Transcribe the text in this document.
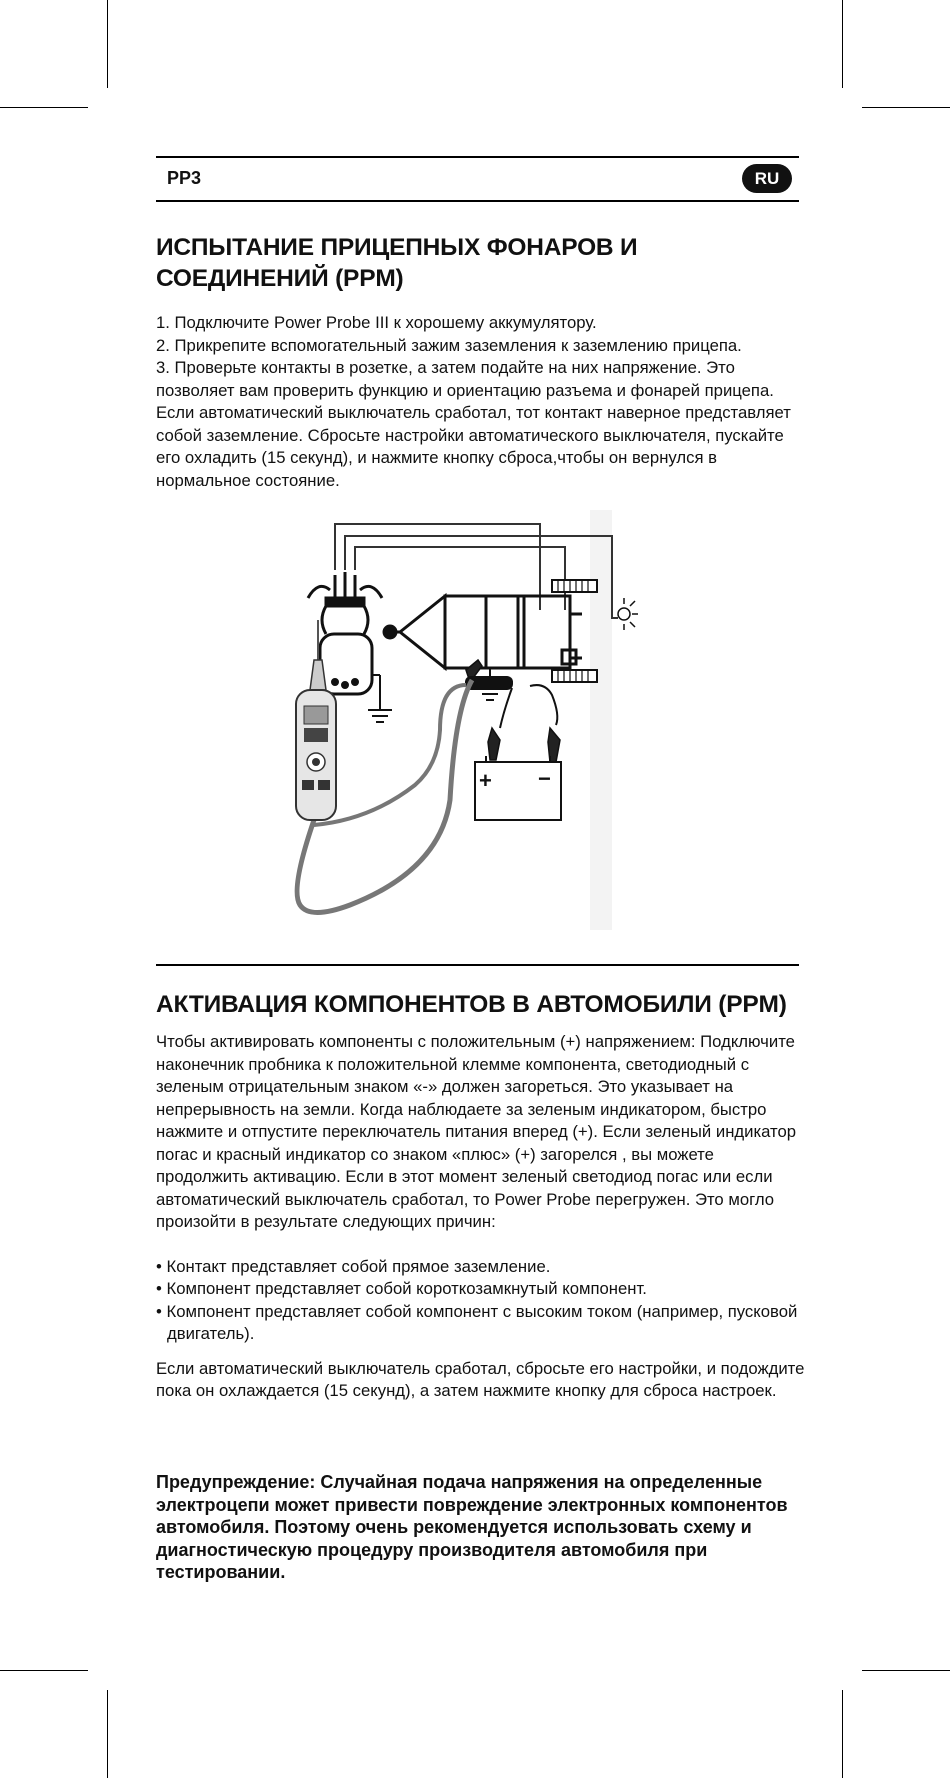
PP3	RU
ИСПЫТАНИЕ ПРИЦЕПНЫХ ФОНАРОВ И
СОЕДИНЕНИЙ (PPM)

1. Подключите Power Probe III к хорошему аккумулятору.

2. Прикрепите вспомогательный зажим заземления к заземлению прицепа.

3. Проверьте контакты в розетке, а затем подайте на них напряжение. Это позволяет вам проверить функцию и ориентацию разъема и фонарей прицепа. Если автоматический выключатель сработал, тот контакт наверное представляет собой заземление. Сбросьте настройки автоматического выключателя, пускайте его охладить (15 секунд), и нажмите кнопку сброса,чтобы он вернулся в нормальное состояние.

+ −
АКТИВАЦИЯ КОМПОНЕНТОВ В АВТОМОБИЛИ (PPM)

Чтобы активировать компоненты с положительным (+) напряжением: Подключите наконечник пробника к положительной клемме компонента, светодиодный с зеленым отрицательным знаком «-» должен загореться. Это указывает на непрерывность на земли. Когда наблюдаете за зеленым индикатором, быстро нажмите и отпустите переключатель питания вперед (+). Если зеленый индикатор погас и красный индикатор со знаком «плюс» (+) загорелся , вы можете продолжить активацию. Если в этот момент зеленый светодиод погас или если автоматический выключатель сработал, то Power Probe перегружен. Это могло произойти в результате следующих причин:

• Контакт представляет собой прямое заземление.
• Компонент представляет собой короткозамкнутый компонент.
• Компонент представляет собой компонент с высоким током (например, пусковой двигатель).

Если автоматический выключатель сработал, сбросьте его настройки, и подождите пока он охлаждается (15 секунд), а затем нажмите кнопку для сброса настроек.

Предупреждение: Случайная подача напряжения на определенные электроцепи может привести повреждение электронных компонентов автомобиля. Поэтому очень рекомендуется использовать схему и диагностическую процедуру производителя автомобиля при тестировании.
